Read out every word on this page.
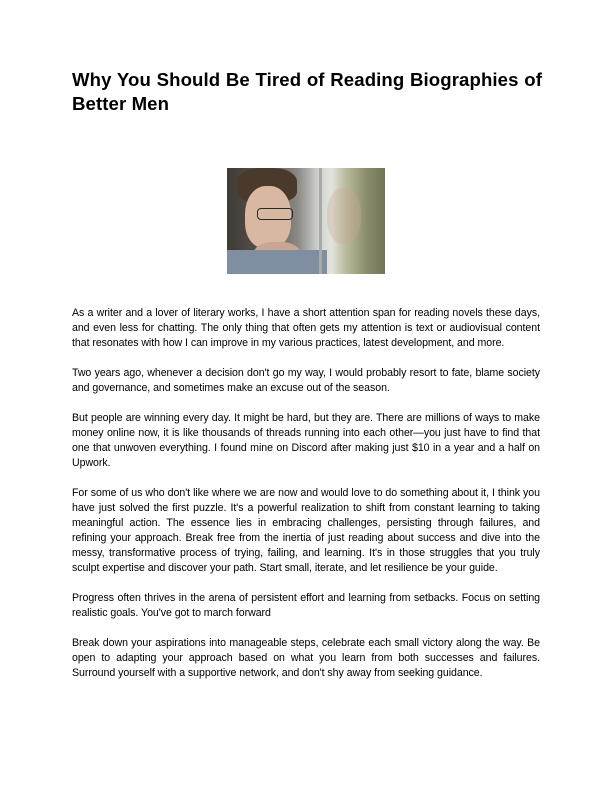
Why You Should Be Tired of Reading Biographies of Better Men

As a writer and a lover of literary works, I have a short attention span for reading novels these days, and even less for chatting. The only thing that often gets my attention is text or audiovisual content that resonates with how I can improve in my various practices, latest development, and more.

Two years ago, whenever a decision don't go my way, I would probably resort to fate, blame society and governance, and sometimes make an excuse out of the season.

But people are winning every day. It might be hard, but they are. There are millions of ways to make money online now, it is like thousands of threads running into each other—you just have to find that one that unwoven everything. I found mine on Discord after making just $10 in a year and a half on Upwork.

For some of us who don't like where we are now and would love to do something about it, I think you have just solved the first puzzle. It's a powerful realization to shift from constant learning to taking meaningful action. The essence lies in embracing challenges, persisting through failures, and refining your approach. Break free from the inertia of just reading about success and dive into the messy, transformative process of trying, failing, and learning. It's in those struggles that you truly sculpt expertise and discover your path. Start small, iterate, and let resilience be your guide.

Progress often thrives in the arena of persistent effort and learning from setbacks. Focus on setting realistic goals. You've got to march forward

Break down your aspirations into manageable steps, celebrate each small victory along the way. Be open to adapting your approach based on what you learn from both successes and failures. Surround yourself with a supportive network, and don't shy away from seeking guidance.
